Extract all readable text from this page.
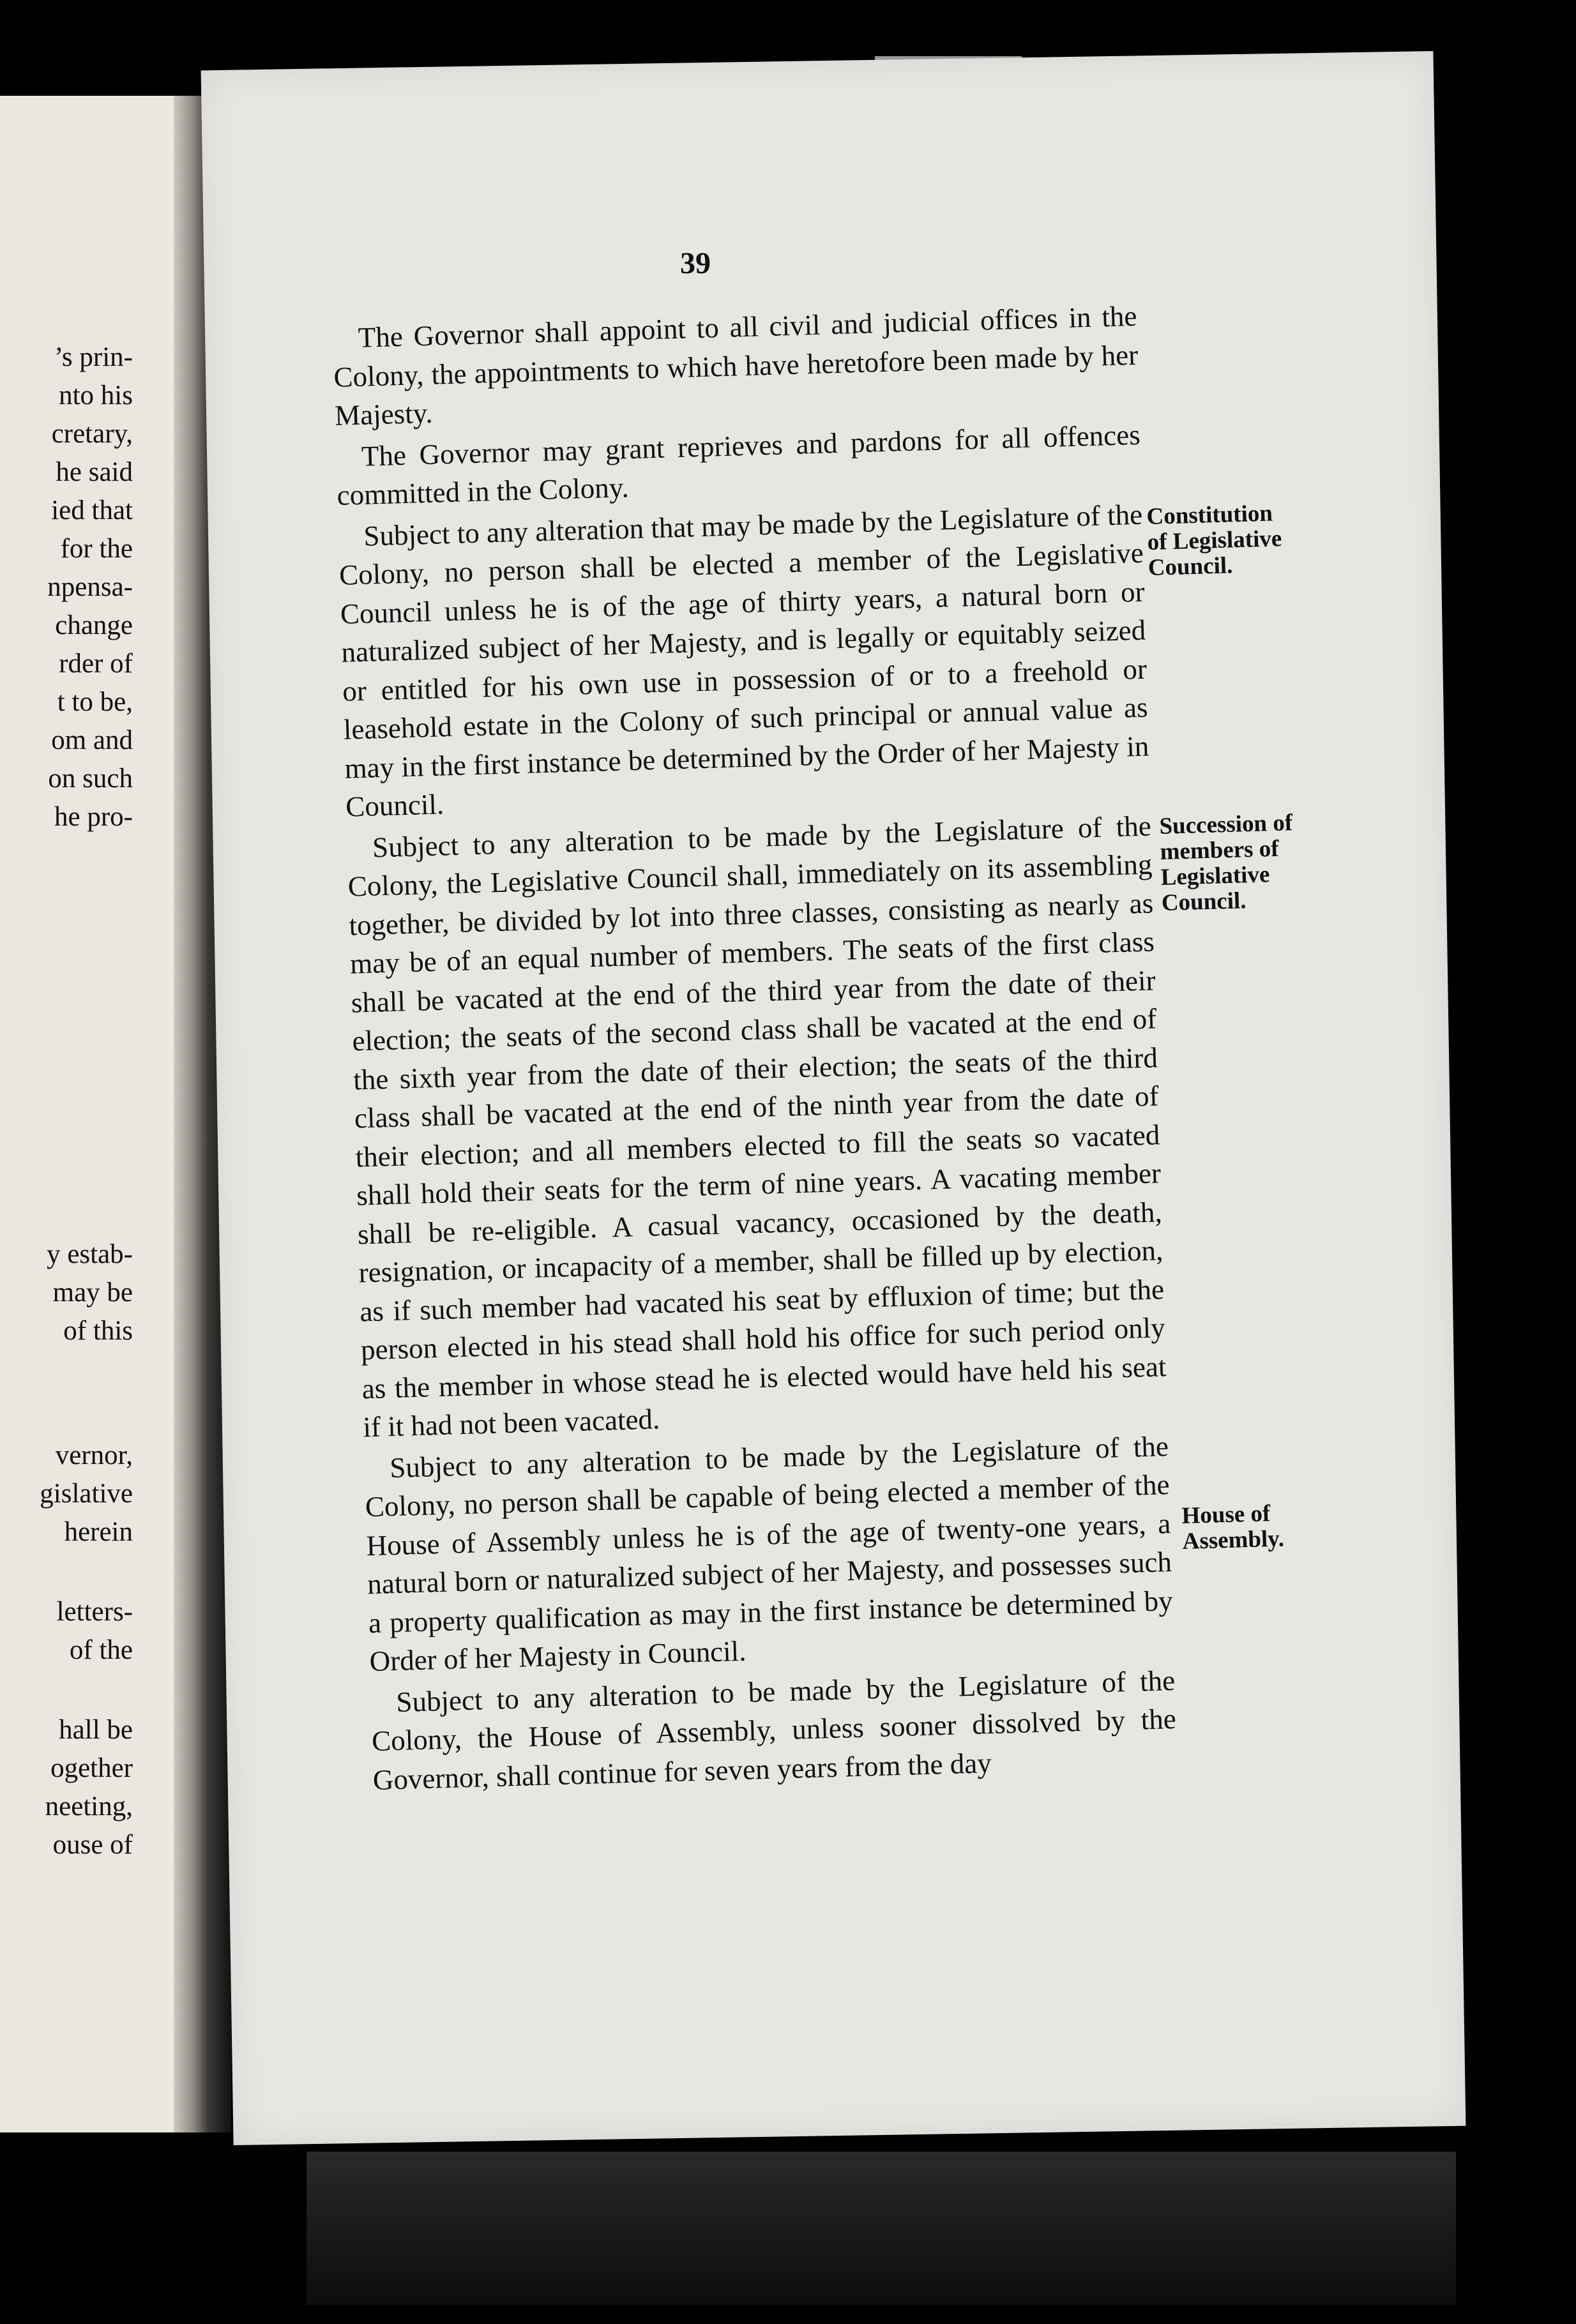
’s prin-
nto his
cretary,
he said
ied that
for the
npensa-
change
rder of
t to be,
om and
on such
he pro-
y estab-
may be
of this
vernor,
gislative
herein
letters-
of the
hall be
ogether
neeting,
ouse of
39

The Governor shall appoint to all civil and judicial offices in the Colony, the appointments to which have heretofore been made by her Majesty.

The Governor may grant reprieves and pardons for all offences committed in the Colony.

Subject to any alteration that may be made by the Legislature of the Colony, no person shall be elected a member of the Legislative Council unless he is of the age of thirty years, a natural born or naturalized subject of her Majesty, and is legally or equitably seized or entitled for his own use in possession of or to a freehold or leasehold estate in the Colony of such principal or annual value as may in the first instance be determined by the Order of her Majesty in Council.

Subject to any alteration to be made by the Legislature of the Colony, the Legislative Council shall, immediately on its assembling together, be divided by lot into three classes, consisting as nearly as may be of an equal number of members. The seats of the first class shall be vacated at the end of the third year from the date of their election; the seats of the second class shall be vacated at the end of the sixth year from the date of their election; the seats of the third class shall be vacated at the end of the ninth year from the date of their election; and all members elected to fill the seats so vacated shall hold their seats for the term of nine years. A vacating member shall be re-eligible. A casual vacancy, occasioned by the death, resignation, or incapacity of a member, shall be filled up by election, as if such member had vacated his seat by effluxion of time; but the person elected in his stead shall hold his office for such period only as the member in whose stead he is elected would have held his seat if it had not been vacated.

Subject to any alteration to be made by the Legislature of the Colony, no person shall be capable of being elected a member of the House of Assembly unless he is of the age of twenty-one years, a natural born or naturalized subject of her Majesty, and possesses such a property qualification as may in the first instance be determined by Order of her Majesty in Council.

Subject to any alteration to be made by the Legislature of the Colony, the House of Assembly, unless sooner dissolved by the Governor, shall continue for seven years from the day

Constitution of Legislative Council.
Succession of members of Legislative Council.
House of Assembly.
